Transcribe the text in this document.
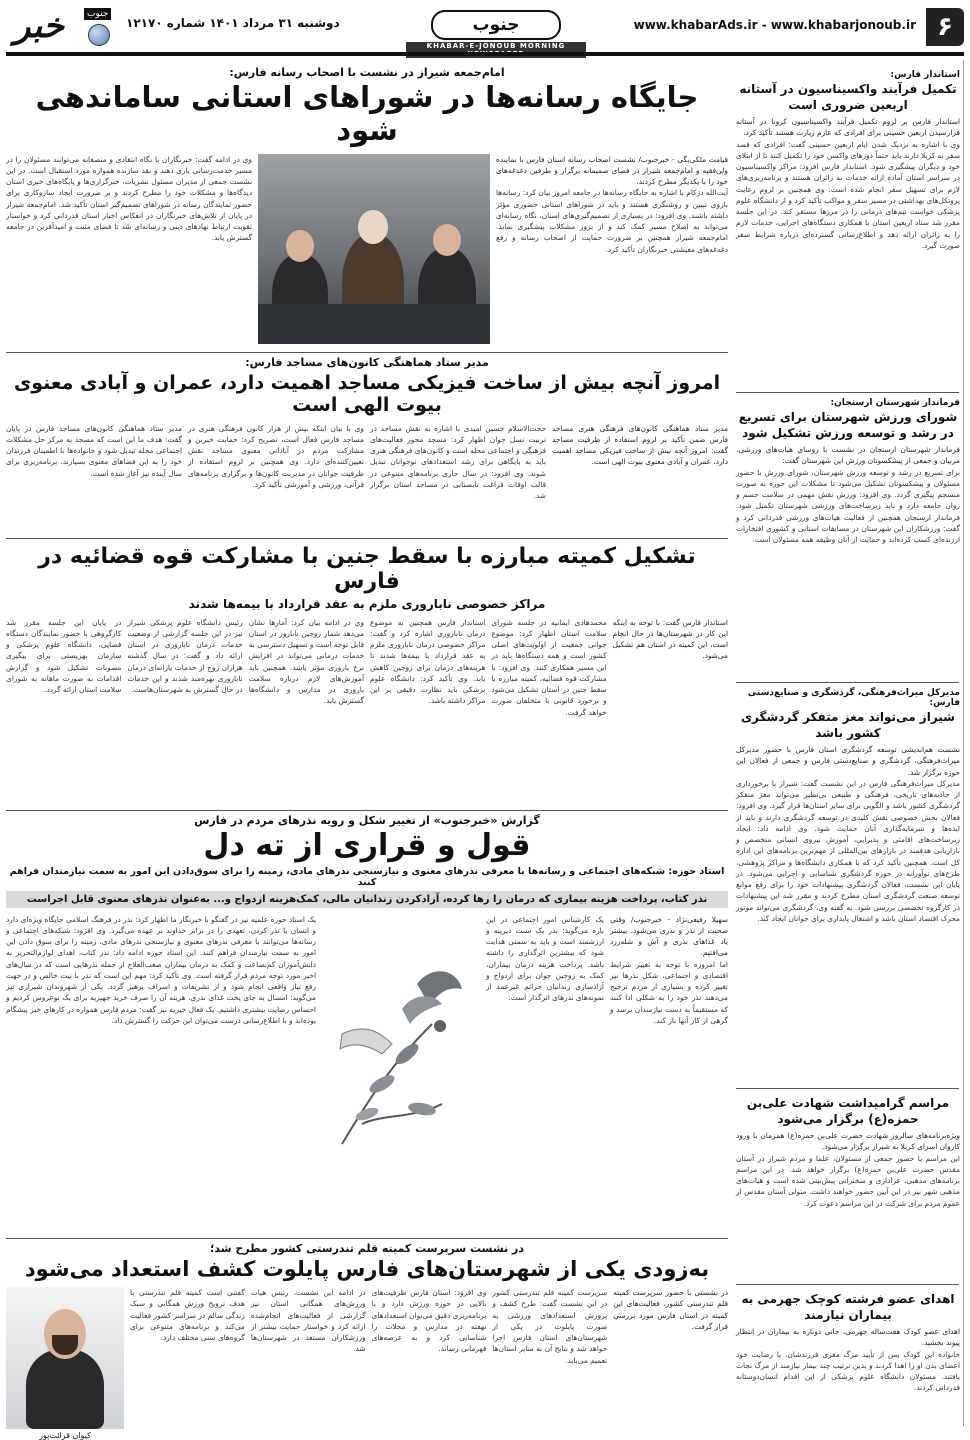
خبر	جنوب
دوشنبه ۳۱ مرداد ۱۴۰۱ شماره ۱۲۱۷۰	جنوب
KHABAR-E-JONOUB MORNING
www.khabarAds.ir - www.khabarjonoub.ir ۶
امام‌جمعه شیراز در نشست با اصحاب رسانه فارس:
جایگاه رسانه‌ها در شوراهای استانی ساماندهی شود
قیامت ملکی‌یگی - خبرجنوب/ نشست اصحاب رسانه استان فارس با نماینده ولی‌فقیه و امام‌جمعه شیراز در فضای صمیمانه برگزار و طرفین دغدغه‌های خود را با یکدیگر مطرح کردند.
آیت‌الله دژکام با اشاره به جایگاه رسانه‌ها در جامعه امروز بیان کرد: رسانه‌ها بازوی تبیین و روشنگری هستند و باید در شوراهای استانی حضوری مؤثر داشته باشند. وی افزود: در بسیاری از تصمیم‌گیری‌های استان، نگاه رسانه‌ای می‌تواند به اصلاح مسیر کمک کند و از بروز مشکلات پیشگیری نماید. امام‌جمعه شیراز همچنین بر ضرورت حمایت از اصحاب رسانه و رفع دغدغه‌های معیشتی خبرنگاران تأکید کرد.
وی در ادامه گفت: خبرنگاران با نگاه انتقادی و منصفانه می‌توانند مسئولان را در مسیر خدمت‌رسانی یاری دهند و نقد سازنده همواره مورد استقبال است. در این نشست جمعی از مدیران مسئول نشریات، خبرگزاری‌ها و پایگاه‌های خبری استان دیدگاه‌ها و مشکلات خود را مطرح کردند و بر ضرورت ایجاد سازوکاری برای حضور نمایندگان رسانه در شوراهای تصمیم‌گیر استان تأکید شد. امام‌جمعه شیراز در پایان از تلاش‌های خبرنگاران در انعکاس اخبار استان قدردانی کرد و خواستار تقویت ارتباط نهادهای دینی و رسانه‌ای شد تا فضای مثبت و امیدآفرین در جامعه گسترش یابد.
مدیر ستاد هماهنگی کانون‌های مساجد فارس:
امروز آنچه بیش از ساخت فیزیکی مساجد اهمیت دارد، عمران و آبادی معنوی بیوت الهی است
مدیر ستاد هماهنگی کانون‌های فرهنگی هنری مساجد فارس ضمن تأکید بر لزوم استفاده از ظرفیت مساجد گفت: امروز آنچه بیش از ساخت فیزیکی مساجد اهمیت دارد، عمران و آبادی معنوی بیوت الهی است.
حجت‌الاسلام حسین امیدی با اشاره به نقش مساجد در تربیت نسل جوان اظهار کرد: مسجد محور فعالیت‌های فرهنگی و اجتماعی محله است و کانون‌های فرهنگی هنری باید به پایگاهی برای رشد استعدادهای نوجوانان تبدیل شوند. وی افزود: در سال جاری برنامه‌های متنوعی در قالب اوقات فراغت تابستانی در مساجد استان برگزار شد.
وی با بیان اینکه بیش از هزار کانون فرهنگی هنری در مساجد فارس فعال است، تصریح کرد: حمایت خیرین و مشارکت مردم در آبادانی معنوی مساجد نقش تعیین‌کننده‌ای دارد. وی همچنین بر لزوم استفاده از ظرفیت جوانان در مدیریت کانون‌ها و برگزاری برنامه‌های قرآنی، ورزشی و آموزشی تأکید کرد.
مدیر ستاد هماهنگی کانون‌های مساجد فارس در پایان گفت: هدف ما این است که مسجد به مرکز حل مشکلات اجتماعی محله تبدیل شود و خانواده‌ها با اطمینان فرزندان خود را به این فضاهای معنوی بسپارند. برنامه‌ریزی برای سال آینده نیز آغاز شده است.
تشکیل کمیته مبارزه با سقط جنین با مشارکت قوه قضائیه در فارس
مراکز خصوصی ناباروری ملزم به عقد قرارداد با بیمه‌ها شدند
استاندار فارس گفت: با توجه به اینکه این کار در شهرستان‌ها در حال انجام است، این کمیته در استان هم تشکیل می‌شود.
محمدهادی ایمانیه در جلسه شورای سلامت استان اظهار کرد: موضوع جوانی جمعیت از اولویت‌های اصلی کشور است و همه دستگاه‌ها باید در این مسیر همکاری کنند. وی افزود: با مشارکت قوه قضائیه، کمیته مبارزه با سقط جنین در استان تشکیل می‌شود و برخورد قانونی با متخلفان صورت خواهد گرفت.
استاندار فارس همچنین به موضوع درمان ناباروری اشاره کرد و گفت: مراکز خصوصی درمان ناباروری ملزم به عقد قرارداد با بیمه‌ها شدند تا هزینه‌های درمان برای زوجین کاهش یابد. وی تأکید کرد: دانشگاه علوم پزشکی باید نظارت دقیقی بر این مراکز داشته باشد.
وی در ادامه بیان کرد: آمارها نشان می‌دهد شمار زوجین نابارور در استان قابل توجه است و تسهیل دسترسی به خدمات درمانی می‌تواند در افزایش نرخ باروری مؤثر باشد. همچنین باید آموزش‌های لازم درباره سلامت باروری در مدارس و دانشگاه‌ها گسترش یابد.
رئیس دانشگاه علوم پزشکی شیراز نیز در این جلسه گزارشی از وضعیت خدمات درمان ناباروری در استان ارائه داد و گفت: در سال گذشته هزاران زوج از خدمات یارانه‌ای درمان ناباروری بهره‌مند شدند و این خدمات در حال گسترش به شهرستان‌هاست.
در پایان این جلسه مقرر شد کارگروهی با حضور نمایندگان دستگاه قضایی، دانشگاه علوم پزشکی و سازمان بهزیستی برای پیگیری مصوبات تشکیل شود و گزارش اقدامات به صورت ماهانه به شورای سلامت استان ارائه گردد.
گزارش «خبرجنوب» از تغییر شکل و رویه نذرهای مردم در فارس
قول و قراری از ته دل
استاد حوزه: شبکه‌های اجتماعی و رسانه‌ها با معرفی نذرهای معنوی و نیازسنجی نذرهای مادی، زمینه را برای سوق‌دادن این امور به سمت نیازمندان فراهم کنند
نذر کتاب، پرداخت هزینه بیماری که درمان را رها کرده، آزادکردن زندانیان مالی، کمک‌هزینه ازدواج و... به‌عنوان نذرهای معنوی قابل اجراست
سهیلا رفیعی‌نژاد - خبرجنوب/ وقتی صحبت از نذر و نذری می‌شود، بیشتر یاد غذاهای نذری و آش و شله‌زرد می‌افتیم.
اما امروزه با توجه به تغییر شرایط اقتصادی و اجتماعی، شکل نذرها نیز تغییر کرده و بسیاری از مردم ترجیح می‌دهند نذر خود را به شکلی ادا کنند که مستقیماً به دست نیازمندان برسد و گرهی از کار آنها باز کند.
یک کارشناس امور اجتماعی در این باره می‌گوید: نذر یک سنت دیرینه و ارزشمند است و باید به سمتی هدایت شود که بیشترین اثرگذاری را داشته باشد. پرداخت هزینه درمان بیماران، کمک به زوجین جوان برای ازدواج و آزادسازی زندانیان جرائم غیرعمد از نمونه‌های نذرهای اثرگذار است.
یک استاد حوزه علمیه نیز در گفتگو با خبرنگار ما اظهار کرد: نذر در فرهنگ اسلامی جایگاه ویژه‌ای دارد و انسان با نذر کردن، تعهدی را در برابر خداوند بر عهده می‌گیرد. وی افزود: شبکه‌های اجتماعی و رسانه‌ها می‌توانند با معرفی نذرهای معنوی و نیازسنجی نذرهای مادی، زمینه را برای سوق دادن این امور به سمت نیازمندان فراهم کنند. این استاد حوزه ادامه داد: نذر کتاب، اهدای لوازم‌التحریر به دانش‌آموزان کم‌بضاعت و کمک به درمان بیماران صعب‌العلاج از جمله نذرهایی است که در سال‌های اخیر مورد توجه مردم قرار گرفته است. وی تأکید کرد: مهم این است که نذر با نیت خالص و در جهت رفع نیاز واقعی انجام شود و از تشریفات و اسراف پرهیز گردد. یکی از شهروندان شیرازی نیز می‌گوید: امسال به جای پخت غذای نذری، هزینه آن را صرف خرید جهیزیه برای یک نوعروس کردیم و احساس رضایت بیشتری داشتیم. یک فعال خیریه نیز گفت: مردم فارس همواره در کارهای خیر پیشگام بوده‌اند و با اطلاع‌رسانی درست می‌توان این حرکت را گسترش داد.
در نشست سرپرست کمیته قلم تندرستی کشور مطرح شد؛
به‌زودی یکی از شهرستان‌های فارس پایلوت کشف استعداد می‌شود
در نشستی با حضور سرپرست کمیته قلم تندرستی کشور، فعالیت‌های این کمیته در استان فارس مورد بررسی قرار گرفت.
سرپرست کمیته قلم تندرستی کشور در این نشست گفت: طرح کشف و پرورش استعدادهای ورزشی به صورت پایلوت در یکی از شهرستان‌های استان فارس اجرا خواهد شد و نتایج آن به سایر استان‌ها تعمیم می‌یابد.
وی افزود: استان فارس ظرفیت‌های بالایی در حوزه ورزش دارد و با برنامه‌ریزی دقیق می‌توان استعدادهای نهفته در مدارس و محلات را شناسایی کرد و به عرصه‌های قهرمانی رساند.
در ادامه این نشست، رئیس هیات ورزش‌های همگانی استان نیز گزارشی از فعالیت‌های انجام‌شده ارائه کرد و خواستار حمایت بیشتر از ورزشکاران مستعد در شهرستان‌ها شد.
گفتنی است کمیته قلم تندرستی با هدف ترویج ورزش همگانی و سبک زندگی سالم در سراسر کشور فعالیت می‌کند و برنامه‌های متنوعی برای گروه‌های سنی مختلف دارد.
کیوان قرائت‌پور
استاندار فارس:
تکمیل فرآیند واکسیناسیون در آستانه اربعین ضروری است
استاندار فارس بر لزوم تکمیل فرآیند واکسیناسیون کرونا در آستانه فرارسیدن اربعین حسینی برای افرادی که عازم زیارت هستند تأکید کرد.
وی با اشاره به نزدیک شدن ایام اربعین حسینی گفت: افرادی که قصد سفر به کربلا دارند باید حتماً دوزهای واکسن خود را تکمیل کنند تا از ابتلای خود و دیگران پیشگیری شود. استاندار فارس افزود: مراکز واکسیناسیون در سراسر استان آماده ارائه خدمات به زائران هستند و برنامه‌ریزی‌های لازم برای تسهیل سفر انجام شده است. وی همچنین بر لزوم رعایت پروتکل‌های بهداشتی در مسیر سفر و مواکب تأکید کرد و از دانشگاه علوم پزشکی خواست تیم‌های درمانی را در مرزها مستقر کند. در این جلسه مقرر شد ستاد اربعین استان با همکاری دستگاه‌های اجرایی، خدمات لازم را به زائران ارائه دهد و اطلاع‌رسانی گسترده‌ای درباره شرایط سفر صورت گیرد.
فرماندار شهرستان ارسنجان:
شورای ورزش شهرستان برای تسریع در رشد و توسعه ورزش تشکیل شود
فرماندار شهرستان ارسنجان در نشست با روسای هیات‌های ورزشی، مربیان و جمعی از پیشکسوتان ورزش این شهرستان گفت:
برای تسریع در رشد و توسعه ورزش شهرستان، شورای ورزش با حضور مسئولان و پیشکسوتان تشکیل می‌شود تا مشکلات این حوزه به صورت منسجم پیگیری گردد. وی افزود: ورزش نقش مهمی در سلامت جسم و روان جامعه دارد و باید زیرساخت‌های ورزشی شهرستان تکمیل شود. فرماندار ارسنجان همچنین از فعالیت هیات‌های ورزشی قدردانی کرد و گفت: ورزشکاران این شهرستان در مسابقات استانی و کشوری افتخارات ارزنده‌ای کسب کرده‌اند و حمایت از آنان وظیفه همه مسئولان است.
مدیرکل میراث‌فرهنگی، گردشگری و صنایع‌دستی فارس:
شیراز می‌تواند مغز متفکر گردشگری کشور باشد
نشست هم‌اندیشی توسعه گردشگری استان فارس با حضور مدیرکل میراث‌فرهنگی، گردشگری و صنایع‌دستی فارس و جمعی از فعالان این حوزه برگزار شد.
مدیرکل میراث‌فرهنگی فارس در این نشست گفت: شیراز با برخورداری از جاذبه‌های تاریخی، فرهنگی و طبیعی بی‌نظیر می‌تواند مغز متفکر گردشگری کشور باشد و الگویی برای سایر استان‌ها قرار گیرد. وی افزود: فعالان بخش خصوصی نقش کلیدی در توسعه گردشگری دارند و باید از ایده‌ها و سرمایه‌گذاری آنان حمایت شود. وی ادامه داد: ایجاد زیرساخت‌های اقامتی و پذیرایی، آموزش نیروی انسانی متخصص و بازاریابی هدفمند در بازارهای بین‌المللی از مهم‌ترین برنامه‌های این اداره کل است. همچنین تأکید کرد که با همکاری دانشگاه‌ها و مراکز پژوهشی، طرح‌های نوآورانه در حوزه گردشگری شناسایی و اجرایی می‌شود. در پایان این نشست، فعالان گردشگری پیشنهادات خود را برای رفع موانع توسعه صنعت گردشگری استان مطرح کردند و مقرر شد این پیشنهادات در کارگروه تخصصی بررسی شود. به گفته وی، گردشگری می‌تواند موتور محرک اقتصاد استان باشد و اشتغال پایداری برای جوانان ایجاد کند.
مراسم گرامیداشت شهادت علی‌بن حمزه(ع) برگزار می‌شود
ویژه‌برنامه‌های سالروز شهادت حضرت علی‌بن حمزه(ع) همزمان با ورود کاروان اسرای کربلا به شیراز برگزار می‌شود.
این مراسم با حضور جمعی از مسئولان، علما و مردم شیراز در آستان مقدس حضرت علی‌بن حمزه(ع) برگزار خواهد شد. در این مراسم برنامه‌های مذهبی، عزاداری و سخنرانی پیش‌بینی شده است و هیات‌های مذهبی شهر نیز در این آیین حضور خواهند داشت. متولی آستان مقدس از عموم مردم برای شرکت در این مراسم دعوت کرد.
اهدای عضو فرشته کوچک جهرمی به بیماران نیازمند
اهدای عضو کودک هفت‌ساله جهرمی، جانی دوباره به بیماران در انتظار پیوند بخشید.
خانواده این کودک پس از تأیید مرگ مغزی فرزندشان، با رضایت خود اعضای بدن او را اهدا کردند و بدین ترتیب چند بیمار نیازمند از مرگ نجات یافتند. مسئولان دانشگاه علوم پزشکی از این اقدام انسان‌دوستانه قدردانی کردند.
